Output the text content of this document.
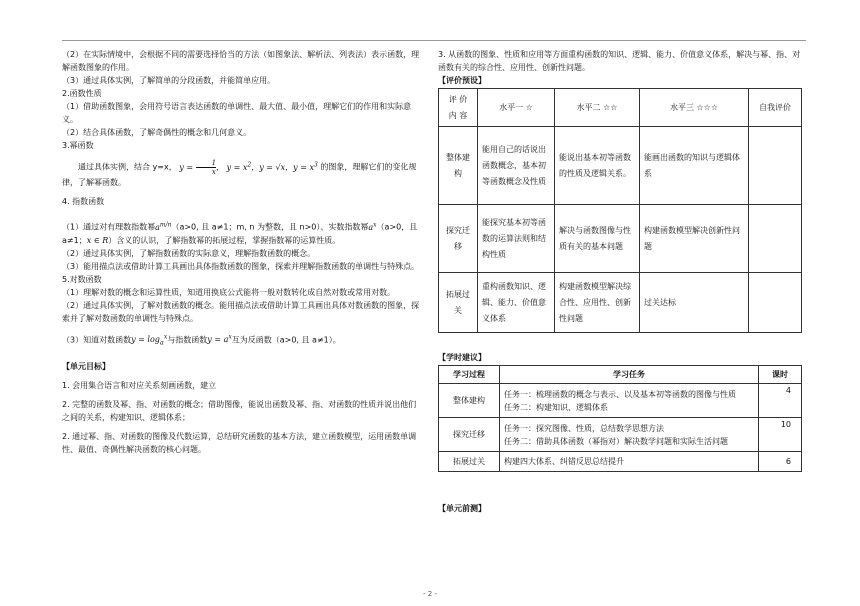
（2）在实际情境中，会根据不同的需要选择恰当的方法（如图象法、解析法、列表法）表示函数，理解函数图象的作用。

（3）通过具体实例，了解简单的分段函数，并能简单应用。

2.函数性质

（1）借助函数图象，会用符号语言表达函数的单调性、最大值、最小值，理解它们的作用和实际意义。

（2）结合具体函数，了解奇偶性的概念和几何意义。

3.幂函数

通过具体实例，结合 y=x， $y = \frac{1}{x}$ ， $y = x^2$，y = √x，$y = x^3$ 的图象，理解它们的变化规律，了解幂函数。

4. 指数函数

（1）通过对有理数指数幂$a^{m/n}(a>0$, 且 a≠1；m, n 为整数，且 n>0）、实数指数幂$a^x(a>0$，且 a≠1；x ∈ R）含义的认识，了解指数幂的拓展过程，掌握指数幂的运算性质。

（2）通过具体实例，了解指数函数的实际意义，理解指数函数的概念。

（3）能用描点法或借助计算工具画出具体指数函数的图象，探索并理解指数函数的单调性与特殊点。

5.对数函数

（1）理解对数的概念和运算性质，知道用换底公式能将一般对数转化成自然对数或常用对数。

（2）通过具体实例，了解对数函数的概念。能用描点法或借助计算工具画出具体对数函数的图象，探索并了解对数函数的单调性与特殊点。

（3）知道对数函数$y = \log_a^x$与指数函数$y = a^x$互为反函数（a>0, 且 a≠1）。

【单元目标】

1. 会用集合语言和对应关系刻画函数，建立

2. 完整的函数及幂、指、对函数的概念；借助图像，能说出函数及幂、指、对函数的性质并说出他们之间的关系，构建知识、逻辑体系；

2. 通过幂、指、对函数的图像及代数运算，总结研究函数的基本方法，建立函数模型，运用函数单调性、最值、奇偶性解决函数的核心问题。

3. 从函数的图象、性质和应用等方面重构函数的知识、逻辑、能力、价值意义体系，解决与幂、指、对函数有关的综合性、应用性、创新性问题。

【评价预设】

评 价
内 容	水平一 ☆	水平二 ☆☆	水平三 ☆☆☆	自我评价
整体建构	能用自己的话说出函数概念，基本初等函数概念及性质	能说出基本初等函数的性质及逻辑关系。	能画出函数的知识与逻辑体系	
探究迁移	能探究基本初等函数的运算法则和结构性质	解决与函数图像与性质有关的基本问题	构建函数模型解决创新性问题	
拓展过关	重构函数知识、逻辑、能力、价值意义体系	构建函数模型解决综合性、应用性、创新性问题	过关达标	

【学时建议】

学习过程	学习任务	课时
整体建构	任务一：梳理函数的概念与表示、以及基本初等函数的图像与性质
任务二：构建知识、逻辑体系	4
探究迁移	任务一：探究图像、性质，总结数学思想方法
任务二：借助具体函数（幂指对）解决数学问题和实际生活问题	10
拓展过关	构建四大体系、纠错反思总结提升	6

【单元前测】

- 2 -
